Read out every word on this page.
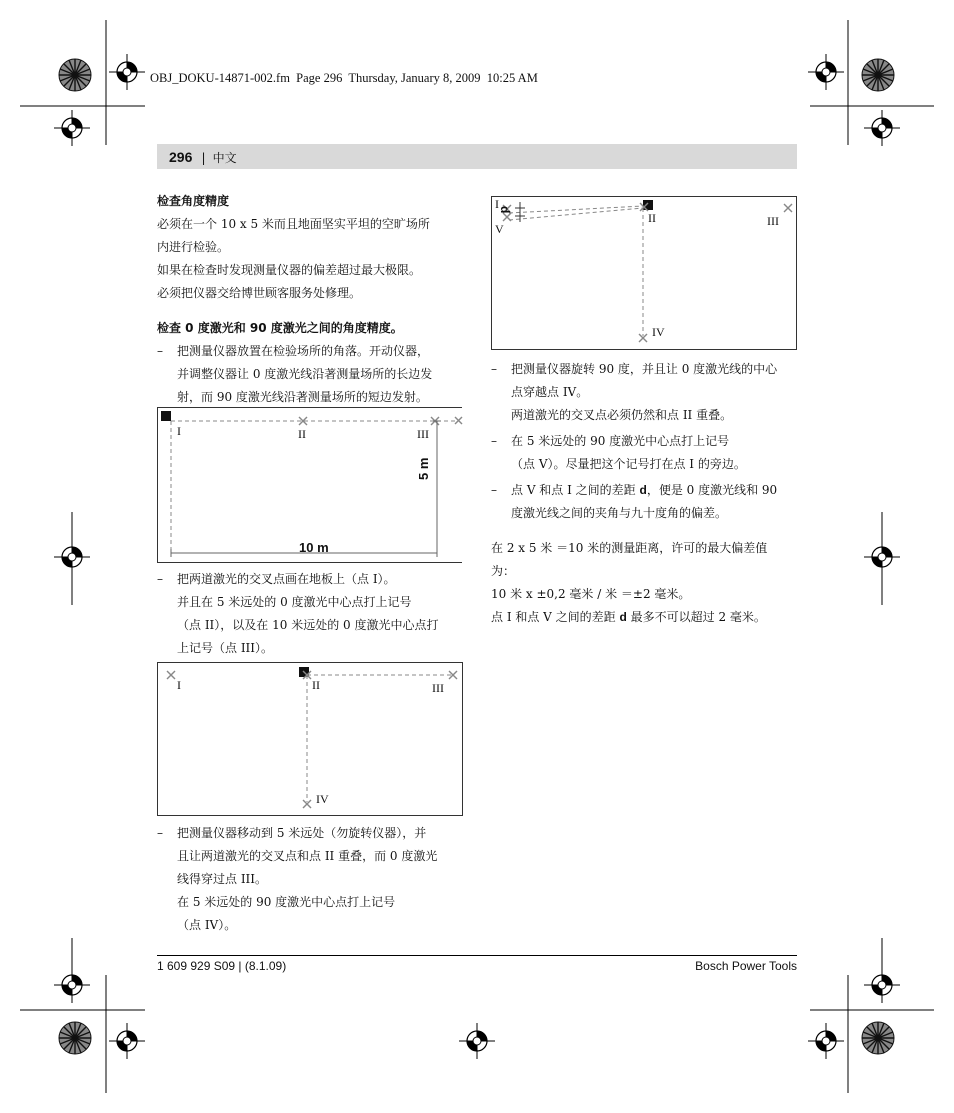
OBJ_DOKU-14871-002.fm  Page 296  Thursday, January 8, 2009  10:25 AM
296 | 中文

检查角度精度

必须在一个 10 x 5 米而且地面坚实平坦的空旷场所

内进行检验。

如果在检查时发现测量仪器的偏差超过最大极限。

必须把仪器交给博世顾客服务处修理。

检查 0 度激光和 90 度激光之间的角度精度。

– 把测量仪器放置在检验场所的角落。开动仪器，

并调整仪器让 0 度激光线沿著测量场所的长边发

射，而 90 度激光线沿著测量场所的短边发射。

I	II	III
10 m
5 m
– 把两道激光的交叉点画在地板上（点 I）。

并且在 5 米远处的 0 度激光中心点打上记号

（点 II），以及在 10 米远处的 0 度激光中心点打

上记号（点 III）。

I	II	III
IV
– 把测量仪器移动到 5 米远处（勿旋转仪器），并

且让两道激光的交叉点和点 II 重叠，而 0 度激光

线得穿过点 III。

在 5 米远处的 90 度激光中心点打上记号

（点 IV）。

I
V
d
II	III
IV
– 把测量仪器旋转 90 度，并且让 0 度激光线的中心

点穿越点 IV。

两道激光的交叉点必须仍然和点 II 重叠。

– 在 5 米远处的 90 度激光中心点打上记号

（点 V）。尽量把这个记号打在点 I 的旁边。

– 点 V 和点 I 之间的差距 d，便是 0 度激光线和 90

度激光线之间的夹角与九十度角的偏差。

在 2 x 5 米 ＝10 米的测量距离，许可的最大偏差值

为：

10 米 x ±0,2 毫米 / 米 ＝±2 毫米。

点 I 和点 V 之间的差距 d 最多不可以超过 2 毫米。

1 609 929 S09 | (8.1.09)	Bosch Power Tools
